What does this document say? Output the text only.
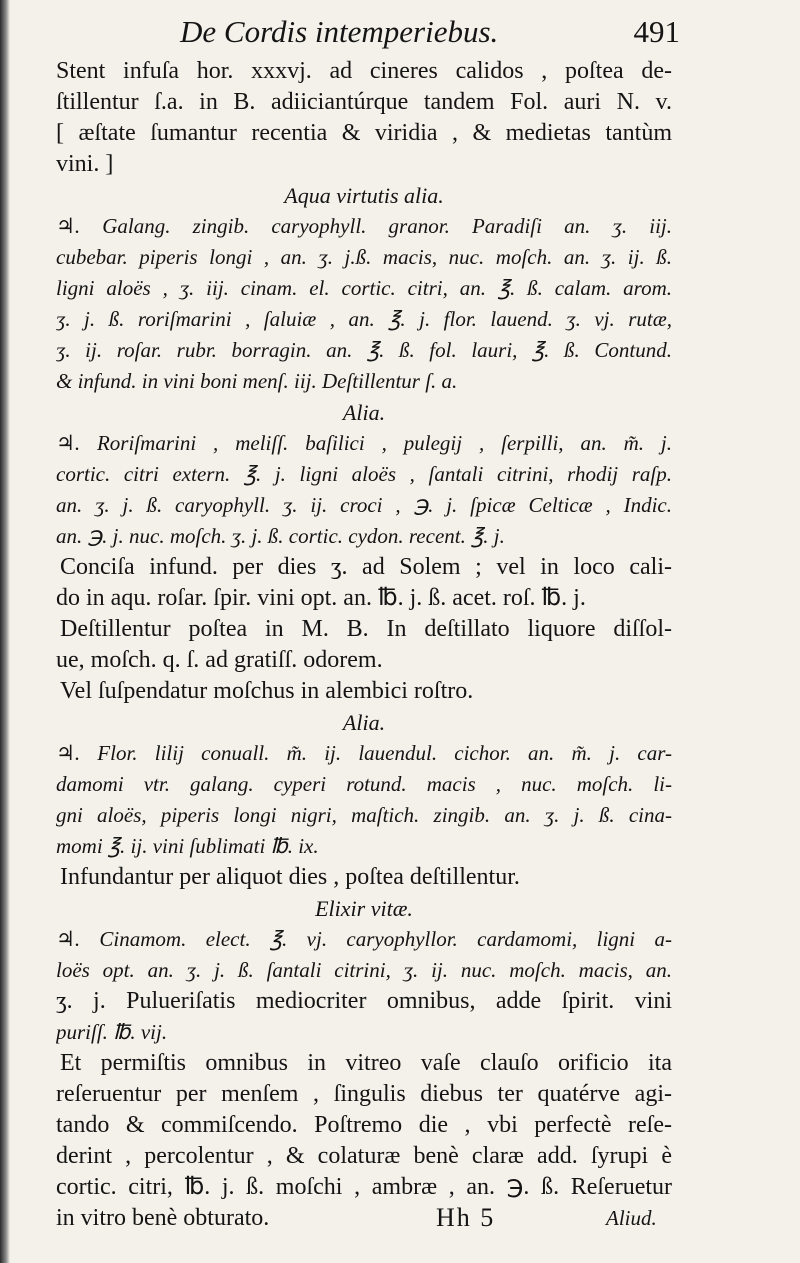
De Cordis intemperiebus.	491
Stent infuſa hor. xxxvj. ad cineres calidos , poſtea de-
ſtillentur ſ.a. in B. adiiciantúrque tandem Fol. auri N. v.
[ æſtate ſumantur recentia & viridia , & medietas tantùm
vini. ]
Aqua virtutis alia.
♃. Galang. zingib. caryophyll. granor. Paradiſi an. ʒ. iij.
cubebar. piperis longi , an. ʒ. j.ß. macis, nuc. moſch. an. ʒ. ij. ß.
ligni aloës , ʒ. iij. cinam. el. cortic. citri, an. ℥. ß. calam. arom.
ʒ. j. ß. roriſmarini , ſaluiæ , an. ℥. j. flor. lauend. ʒ. vj. rutæ,
ʒ. ij. roſar. rubr. borragin. an. ℥. ß. fol. lauri, ℥. ß. Contund.
& infund. in vini boni menſ. iij. Deſtillentur ſ. a.
Alia.
♃. Roriſmarini , meliſſ. baſilici , pulegij , ſerpilli, an. m̃. j.
cortic. citri extern. ℥. j. ligni aloës , ſantali citrini, rhodij raſp.
an. ʒ. j. ß. caryophyll. ʒ. ij. croci , ℈. j. ſpicæ Celticæ , Indic.
an. ℈. j. nuc. moſch. ʒ. j. ß. cortic. cydon. recent. ℥. j.
Conciſa infund. per dies ʒ. ad Solem ; vel in loco cali-
do in aqu. roſar. ſpir. vini opt. an. ℔. j. ß. acet. roſ. ℔. j.
Deſtillentur poſtea in M. B. In deſtillato liquore diſſol-
ue, moſch. q. ſ. ad gratiſſ. odorem.
Vel ſuſpendatur moſchus in alembici roſtro.
Alia.
♃. Flor. lilij conuall. m̃. ij. lauendul. cichor. an. m̃. j. car-
damomi vtr. galang. cyperi rotund. macis , nuc. moſch. li-
gni aloës, piperis longi nigri, maſtich. zingib. an. ʒ. j. ß. cina-
momi ℥. ij. vini ſublimati ℔. ix.
Infundantur per aliquot dies , poſtea deſtillentur.
Elixir vitæ.
♃. Cinamom. elect. ℥. vj. caryophyllor. cardamomi, ligni a-
loës opt. an. ʒ. j. ß. ſantali citrini, ʒ. ij. nuc. moſch. macis, an.
ʒ. j. Pulueriſatis mediocriter omnibus, adde ſpirit. vini
puriſſ. ℔. vij.
Et permiſtis omnibus in vitreo vaſe clauſo orificio ita
reſeruentur per menſem , ſingulis diebus ter quatérve agi-
tando & commiſcendo. Poſtremo die , vbi perfectè reſe-
derint , percolentur , & colaturæ benè claræ add. ſyrupi è
cortic. citri, ℔. j. ß. moſchi , ambræ , an. ℈. ß. Reſeruetur
in vitro benè obturato.	Hh 5	Aliud.
